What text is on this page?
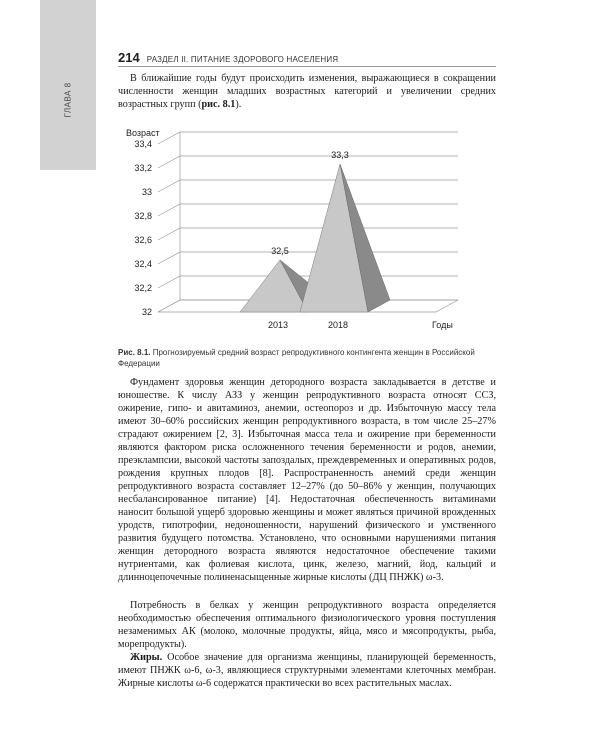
ГЛАВА 8
214 РАЗДЕЛ II. ПИТАНИЕ ЗДОРОВОГО НАСЕЛЕНИЯ

В ближайшие годы будут происходить изменения, выражающиеся в сокращении численности женщин младших возрастных категорий и увеличении средних возрастных групп (рис. 8.1).

32
32,2
32,4
32,6
32,8
33
33,2
33,4
32,5
2013
33,3
2018
Возраст
Годы

Рис. 8.1. Прогнозируемый средний возраст репродуктивного контингента женщин в Российской Федерации

Фундамент здоровья женщин детородного возраста закладывается в детстве и юношестве. К числу АЗЗ у женщин репродуктивного возраста относят ССЗ, ожирение, гипо- и авитаминоз, анемии, остеопороз и др. Избыточную массу тела имеют 30–60% российских женщин репродуктивного возраста, в том числе 25–27% страдают ожирением [2, 3]. Избыточная масса тела и ожирение при беременности являются фактором риска осложненного течения беременности и родов, анемии, преэклампсии, высокой частоты запоздалых, преждевременных и оперативных родов, рождения крупных плодов [8]. Распространенность анемий среди женщин репродуктивного возраста составляет 12–27% (до 50–86% у женщин, получающих несбалансированное питание) [4]. Недостаточная обеспеченность витаминами наносит большой ущерб здоровью женщины и может являться причиной врожденных уродств, гипотрофии, недоношенности, нарушений физического и умственного развития будущего потомства. Установлено, что основными нарушениями питания женщин детородного возраста являются недостаточное обеспечение такими нутриентами, как фолиевая кислота, цинк, железо, магний, йод, кальций и длинноцепочечные полиненасыщенные жирные кислоты (ДЦ ПНЖК) ω-3.

Потребность в белках у женщин репродуктивного возраста определяется необходимостью обеспечения оптимального физиологического уровня поступления незаменимых АК (молоко, молочные продукты, яйца, мясо и мясопродукты, рыба, морепродукты).

Жиры. Особое значение для организма женщины, планирующей беременность, имеют ПНЖК ω-6, ω-3, являющиеся структурными элементами клеточных мембран. Жирные кислоты ω-6 содержатся практически во всех растительных маслах.
